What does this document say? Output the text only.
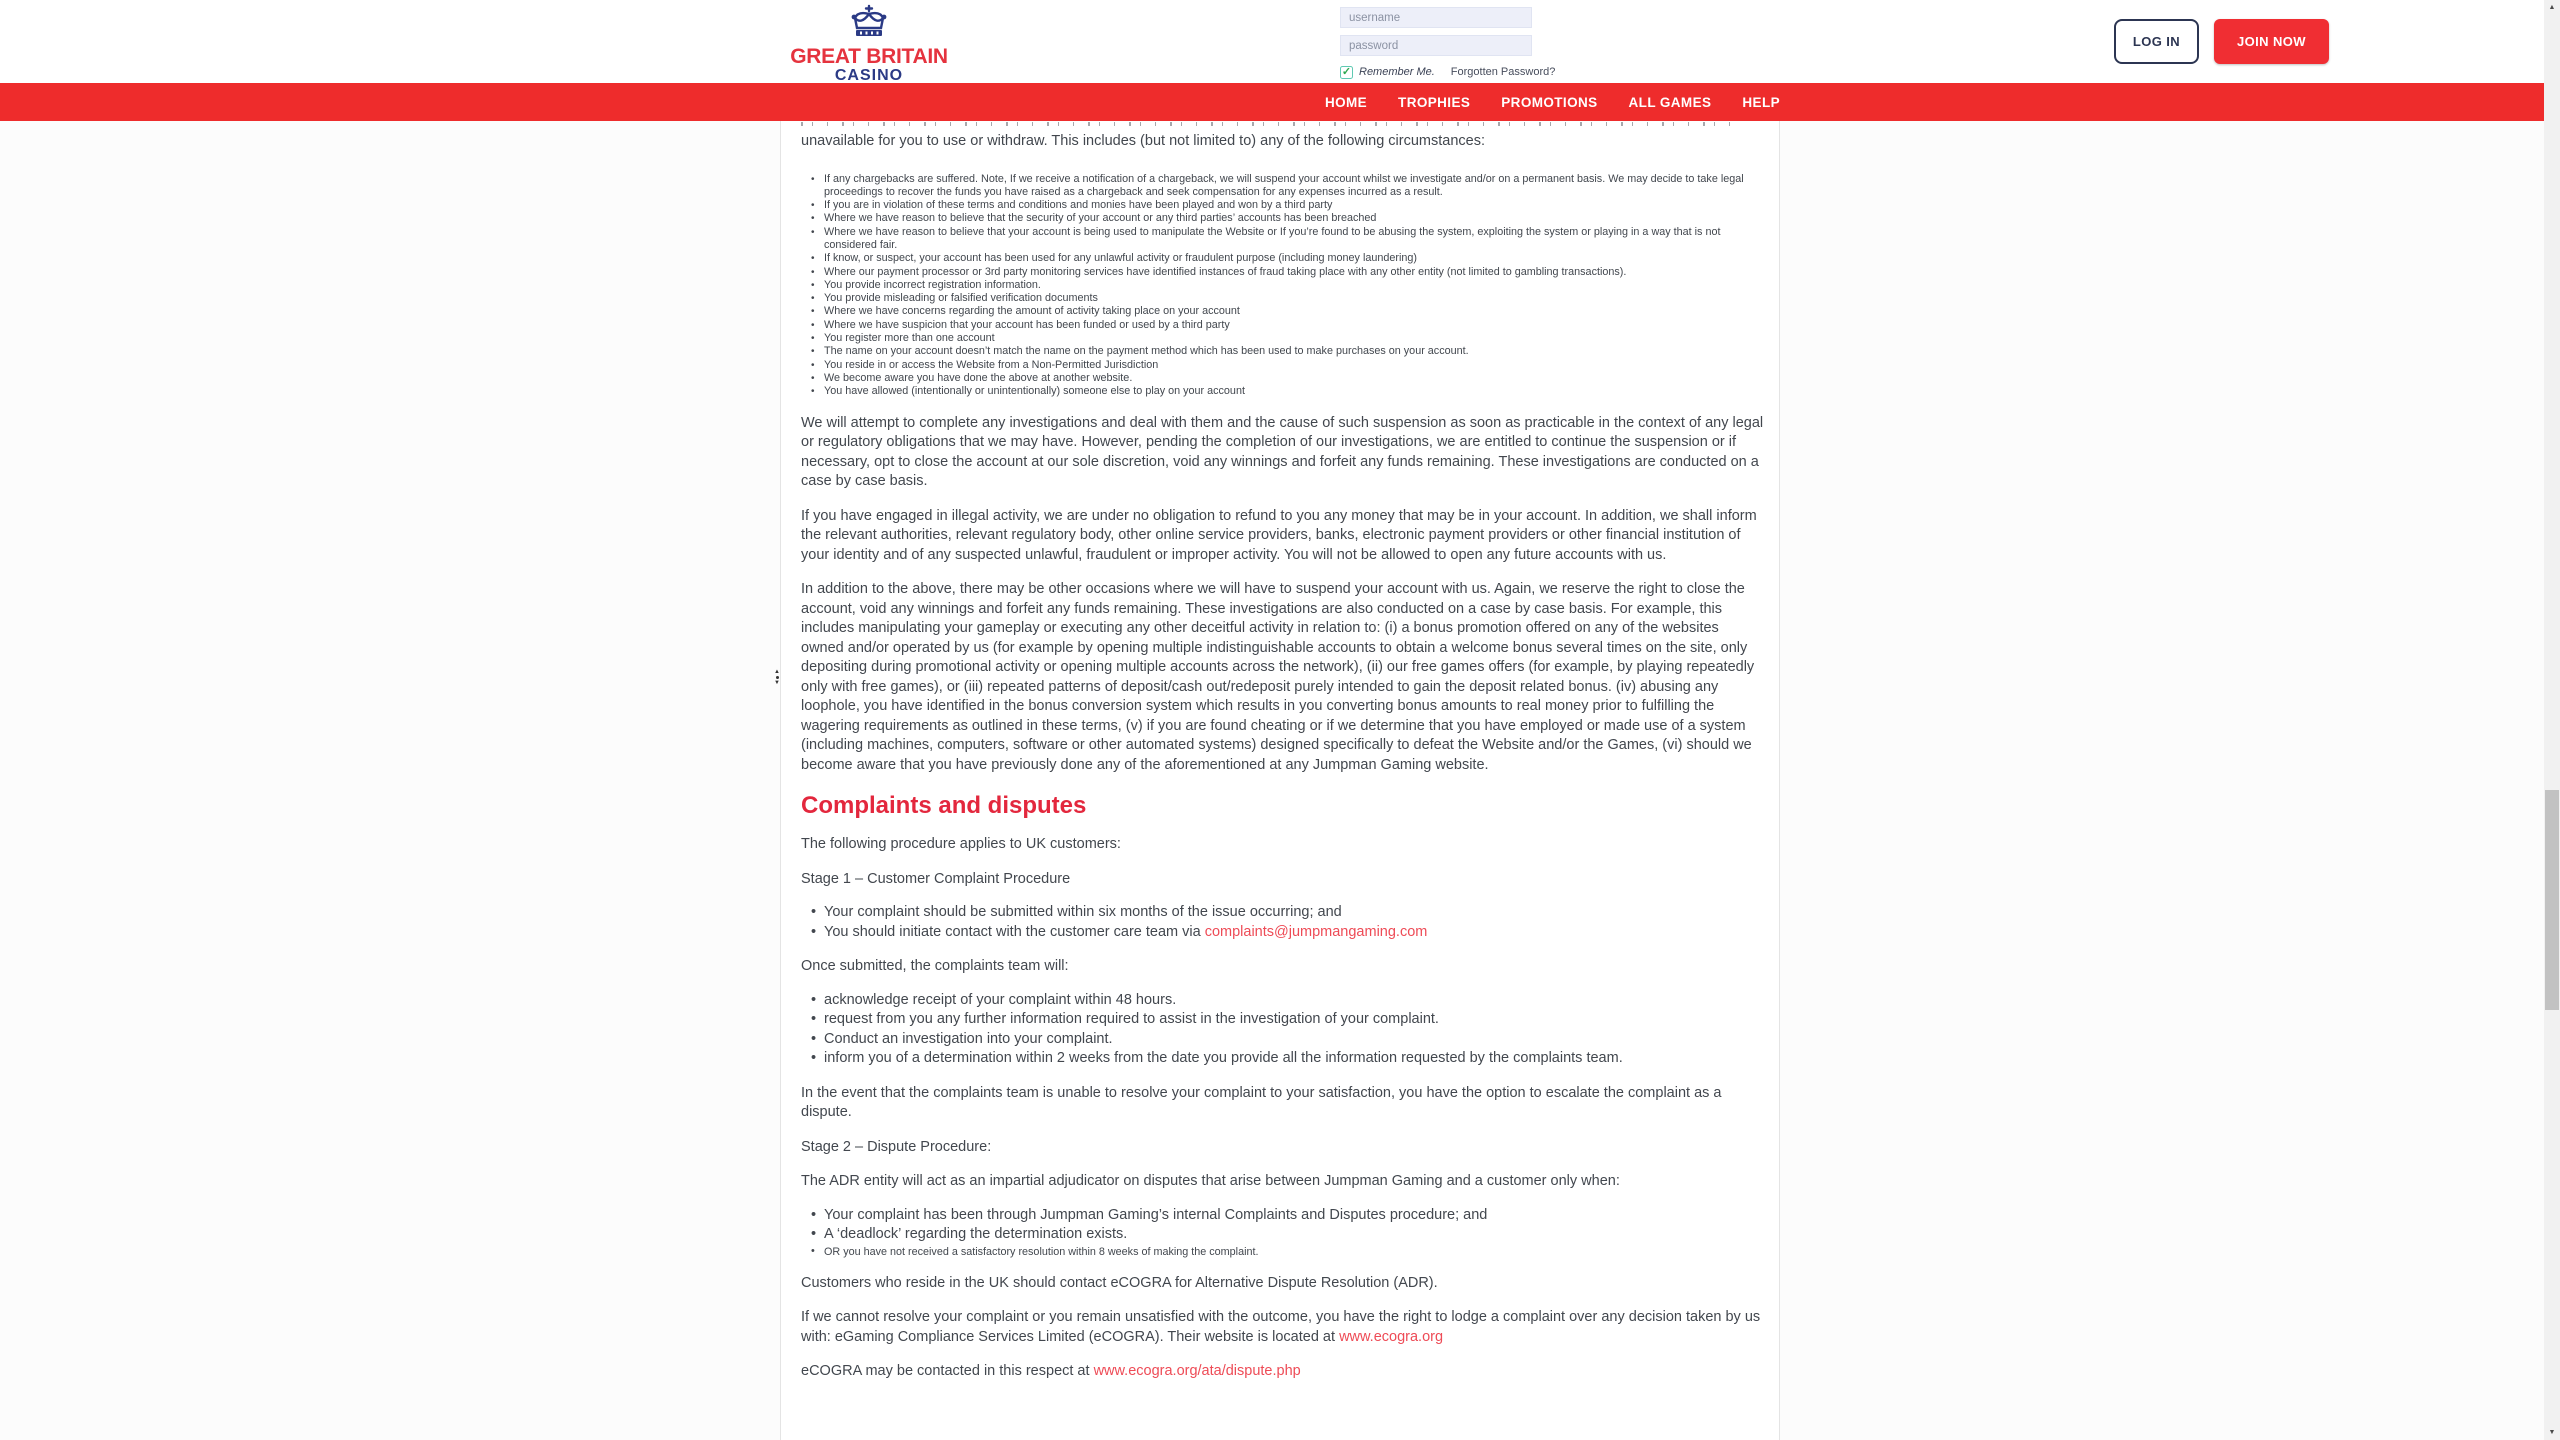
GREAT BRITAIN
CASINO
username
password	✓ Remember Me. Forgotten Password?
LOG IN	JOIN NOW
HOME TROPHIES PROMOTIONS ALL GAMES HELP
▲
▼

unavailable for you to use or withdraw. This includes (but not limited to) any of the following circumstances:

• If any chargebacks are suffered. Note, If we receive a notification of a chargeback, we will suspend your account whilst we investigate and/or on a permanent basis. We may decide to take legal proceedings to recover the funds you have raised as a chargeback and seek compensation for any expenses incurred as a result.
• If you are in violation of these terms and conditions and monies have been played and won by a third party
• Where we have reason to believe that the security of your account or any third parties’ accounts has been breached
• Where we have reason to believe that your account is being used to manipulate the Website or If you’re found to be abusing the system, exploiting the system or playing in a way that is not considered fair.
• If know, or suspect, your account has been used for any unlawful activity or fraudulent purpose (including money laundering)
• Where our payment processor or 3rd party monitoring services have identified instances of fraud taking place with any other entity (not limited to gambling transactions).
• You provide incorrect registration information.
• You provide misleading or falsified verification documents
• Where we have concerns regarding the amount of activity taking place on your account
• Where we have suspicion that your account has been funded or used by a third party
• You register more than one account
• The name on your account doesn’t match the name on the payment method which has been used to make purchases on your account.
• You reside in or access the Website from a Non-Permitted Jurisdiction
• We become aware you have done the above at another website.
• You have allowed (intentionally or unintentionally) someone else to play on your account

We will attempt to complete any investigations and deal with them and the cause of such suspension as soon as practicable in the context of any legal or regulatory obligations that we may have. However, pending the completion of our investigations, we are entitled to continue the suspension or if necessary, opt to close the account at our sole discretion, void any winnings and forfeit any funds remaining. These investigations are conducted on a case by case basis.

If you have engaged in illegal activity, we are under no obligation to refund to you any money that may be in your account. In addition, we shall inform the relevant authorities, relevant regulatory body, other online service providers, banks, electronic payment providers or other financial institution of your identity and of any suspected unlawful, fraudulent or improper activity. You will not be allowed to open any future accounts with us.

In addition to the above, there may be other occasions where we will have to suspend your account with us. Again, we reserve the right to close the account, void any winnings and forfeit any funds remaining. These investigations are also conducted on a case by case basis. For example, this includes manipulating your gameplay or executing any other deceitful activity in relation to: (i) a bonus promotion offered on any of the websites owned and/or operated by us (for example by opening multiple indistinguishable accounts to obtain a welcome bonus several times on the site, only depositing during promotional activity or opening multiple accounts across the network), (ii) our free games offers (for example, by playing repeatedly only with free games), or (iii) repeated patterns of deposit/cash out/redeposit purely intended to gain the deposit related bonus. (iv) abusing any loophole, you have identified in the bonus conversion system which results in you converting bonus amounts to real money prior to fulfilling the wagering requirements as outlined in these terms, (v) if you are found cheating or if we determine that you have employed or made use of a system (including machines, computers, software or other automated systems) designed specifically to defeat the Website and/or the Games, (vi) should we become aware that you have previously done any of the aforementioned at any Jumpman Gaming website.

Complaints and disputes

The following procedure applies to UK customers:

Stage 1 – Customer Complaint Procedure

• Your complaint should be submitted within six months of the issue occurring; and
• You should initiate contact with the customer care team via complaints@jumpmangaming.com

Once submitted, the complaints team will:

• acknowledge receipt of your complaint within 48 hours.
• request from you any further information required to assist in the investigation of your complaint.
• Conduct an investigation into your complaint.
• inform you of a determination within 2 weeks from the date you provide all the information requested by the complaints team.

In the event that the complaints team is unable to resolve your complaint to your satisfaction, you have the option to escalate the complaint as a dispute.

Stage 2 – Dispute Procedure:

The ADR entity will act as an impartial adjudicator on disputes that arise between Jumpman Gaming and a customer only when:

• Your complaint has been through Jumpman Gaming’s internal Complaints and Disputes procedure; and
• A ‘deadlock’ regarding the determination exists.
• OR you have not received a satisfactory resolution within 8 weeks of making the complaint.

Customers who reside in the UK should contact eCOGRA for Alternative Dispute Resolution (ADR).

If we cannot resolve your complaint or you remain unsatisfied with the outcome, you have the right to lodge a complaint over any decision taken by us with: eGaming Compliance Services Limited (eCOGRA). Their website is located at www.ecogra.org

eCOGRA may be contacted in this respect at www.ecogra.org/ata/dispute.php

▲
▼
